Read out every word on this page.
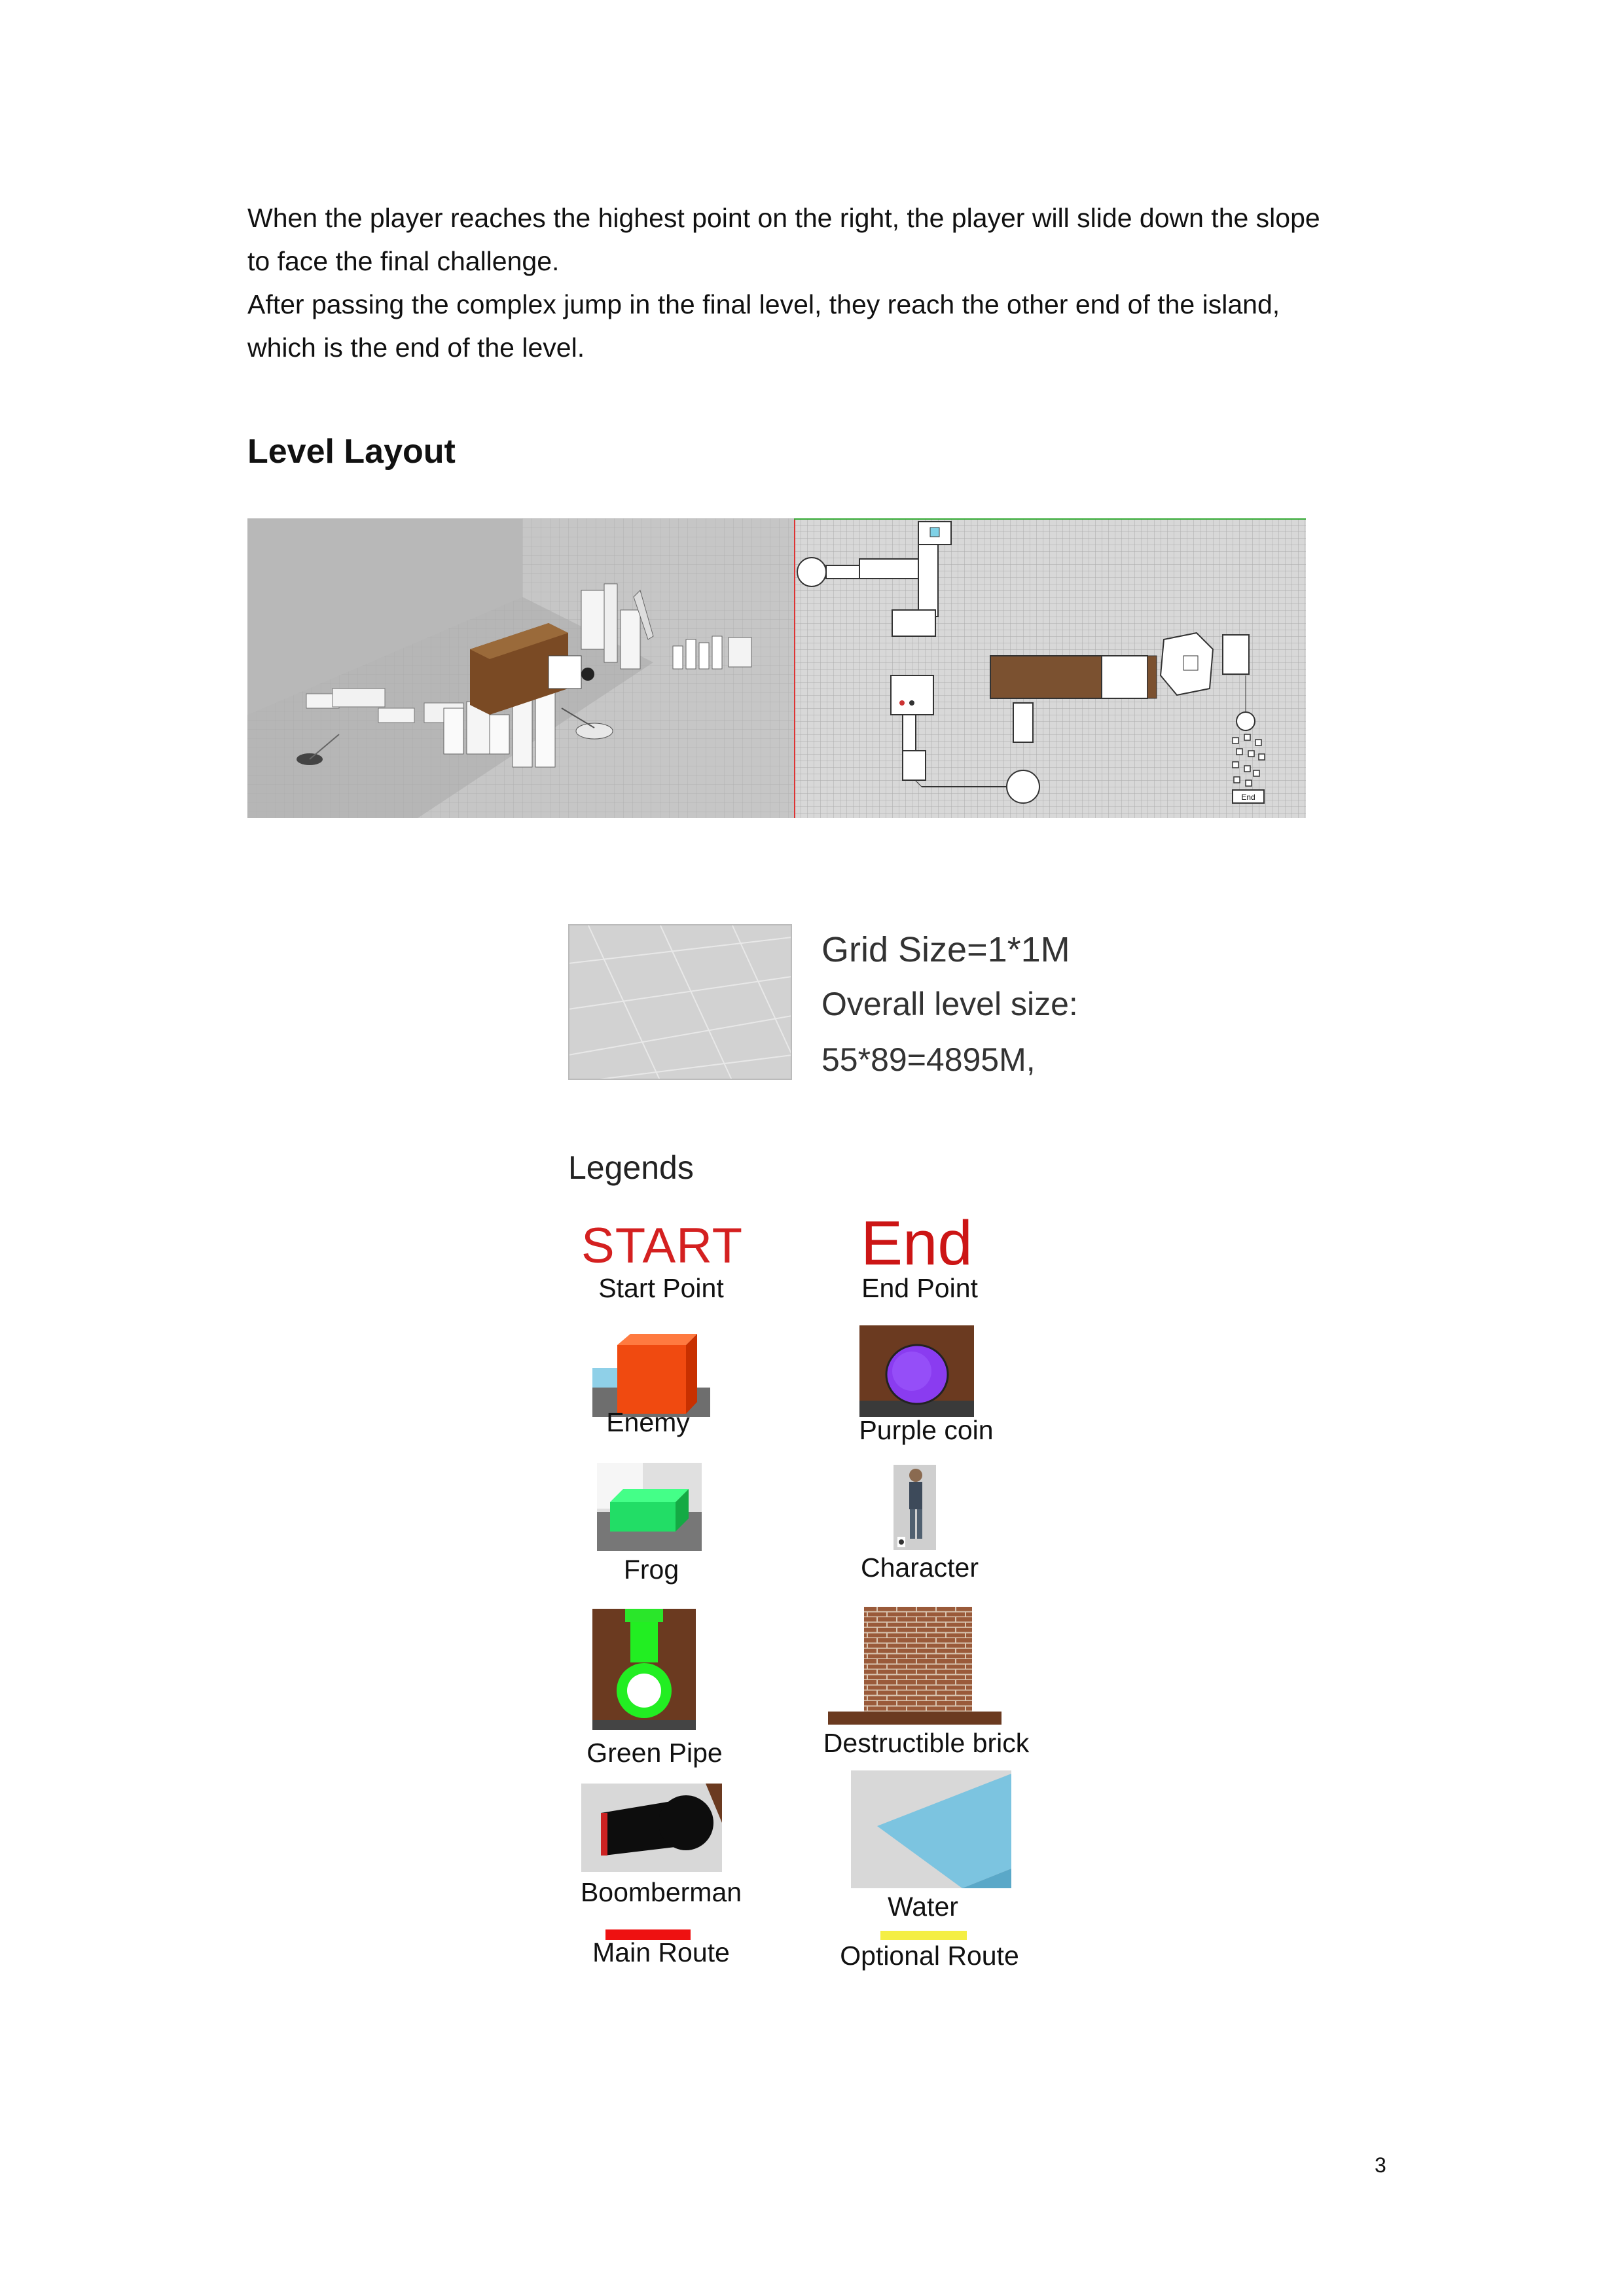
When the player reaches the highest point on the right, the player will slide down the slope
to face the final challenge.
After passing the complex jump in the final level, they reach the other end of the island,
which is the end of the level.
Level Layout
End
Grid Size=1*1M
Overall level size:
55*89=4895M,
Legends
START
Start Point
End
End Point
Enemy	Purple coin
Frog	Character
Green Pipe	Destructible brick
Boomberman	Water
Main Route	Optional Route
3
